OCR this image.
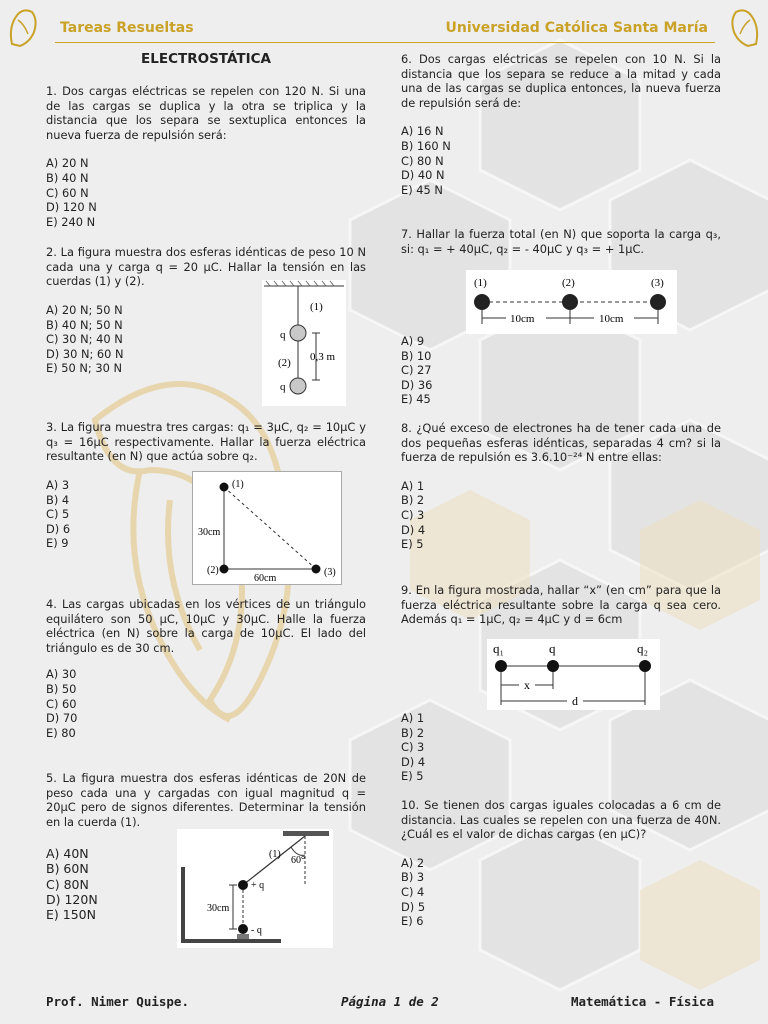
Tareas Resueltas	Universidad Católica Santa María
ELECTROSTÁTICA

1. Dos cargas eléctricas se repelen con 120 N. Si una de las cargas se duplica y la otra se triplica y la distancia que los separa se sextuplica entonces la nueva fuerza de repulsión será:

A) 20 N
B) 40 N
C) 60 N
D) 120 N
E) 240 N

2. La figura muestra dos esferas idénticas de peso 10 N cada una y carga q = 20 μC. Hallar la tensión en las cuerdas (1) y (2).

A) 20 N; 50 N
B) 40 N; 50 N
C) 30 N; 40 N
D) 30 N; 60 N
E) 50 N; 30 N
(1)
(2)
q
q
0,3 m

3. La figura muestra tres cargas: q₁ = 3μC, q₂ = 10μC y q₃ = 16μC respectivamente. Hallar la fuerza eléctrica resultante (en N) que actúa sobre q₂.

A) 3
B) 4
C) 5
D) 6
E) 9
(1)
(2)	(3)
30cm
60cm

4. Las cargas ubicadas en los vértices de un triángulo equilátero son 50 μC, 10μC y 30μC. Halle la fuerza eléctrica (en N) sobre la carga de 10μC. El lado del triángulo es de 30 cm.

A) 30
B) 50
C) 60
D) 70
E) 80

5. La figura muestra dos esferas idénticas de 20N de peso cada una y cargadas con igual magnitud q = 20μC pero de signos diferentes. Determinar la tensión en la cuerda (1).

A) 40N
B) 60N
C) 80N
D) 120N
E) 150N
(1)
60°
+ q
- q
30cm

6. Dos cargas eléctricas se repelen con 10 N. Si la distancia que los separa se reduce a la mitad y cada una de las cargas se duplica entonces, la nueva fuerza de repulsión será de:

A) 16 N
B) 160 N
C) 80 N
D) 40 N
E) 45 N

7. Hallar la fuerza total (en N) que soporta la carga q₃, si: q₁ = + 40μC, q₂ = - 40μC y q₃ = + 1μC.

(1)	(2)	(3)
10cm	10cm
A) 9
B) 10
C) 27
D) 36
E) 45

8. ¿Qué exceso de electrones ha de tener cada una de dos pequeñas esferas idénticas, separadas 4 cm? si la fuerza de repulsión es 3.6.10⁻²⁴ N entre ellas:

A) 1
B) 2
C) 3
D) 4
E) 5

9. En la figura mostrada, hallar “x” (en cm” para que la fuerza eléctrica resultante sobre la carga q sea cero. Además q₁ = 1μC, q₂ = 4μC y d = 6cm

q₁	q	q₂
x
d
A) 1
B) 2
C) 3
D) 4
E) 5

10. Se tienen dos cargas iguales colocadas a 6 cm de distancia. Las cuales se repelen con una fuerza de 40N.¿Cuál es el valor de dichas cargas (en μC)?

A) 2
B) 3
C) 4
D) 5
E) 6
Prof. Nimer Quispe.	Página 1 de 2	Matemática - Física
